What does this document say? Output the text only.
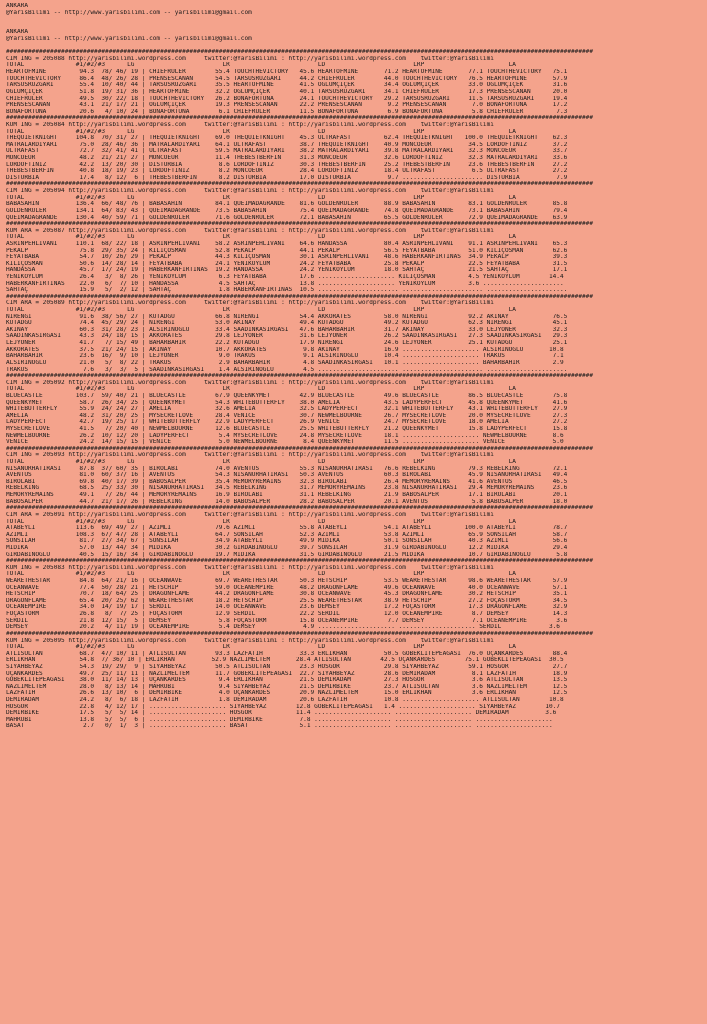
ANKARA
@YarisBilimi -- http://www.yarisbilimi.com -- yarisbilimi@gmail.com

ANKARA
@YarisBilimi -- http://www.yarisbilimi.com -- yarisbilimi@gmail.com

################################################################################################################################################################
CIM ING = 205088 http://yarisbilimi.wordpress.com     twitter:@YarisBilimi : http://yarisbilimi.wordpress.com    twitter:@YarisBilimi
TOTAL              #1/#2/#3      LG                        LR                        LD                        LRP                       LA
HEARTOFMINE         94.3  78/ 46/ 19 | CHIEFRULER        55.4 TOUCHTHEVICTORY   45.6 HEARTOFMINE       71.2 HEARTOFMINE       77.1 TOUCHTHEVICTORY   75.1
TOUCHTHEVICTORY     86.4  48/ 26/ 28 | PRENSESCANAN      54.5 TARSUSRÜZGARI     44.2 CHIEFRULER        44.0 TOUCHTHEVICTORY   76.5 HEARTOFMINE       57.9
TARSUSRÜZGARI       55.4  10/ 40/ 44 | TARSUSRÜZGARI     35.5 HEARTOFMINE       41.5 OGLUMÇIÇEK        34.4 OGLUMÇIÇEK        33.0 OGLUMÇIÇEK        31.6
OGLUMÇIÇEK          51.8  19/ 31/ 36 | HEARTOFMINE       32.2 OGLUMÇIÇEK        40.1 TARSUSRÜZGARI     34.1 CHIEFRULER        17.3 PRENSESCANAN      20.0
CHIEFRULER          49.5  30/ 22/ 18 | TOUCHTHEVICTORY   26.2 BONAFORTUNA       24.1 TOUCHTHEVICTORY   29.2 TARSUSRÜZGARI     11.5 TARSUSRÜZGARI     19.4
PRENSESCANAN        43.1  21/ 17/ 21 | OGLUMÇIÇEK        19.3 PRENSESCANAN      22.2 PRENSESCANAN       9.2 PRENSESCANAN       7.0 BONAFORTUNA       17.2
BONAFORTUNA         20.6   4/ 10/ 24 | BONAFORTUNA        6.1 CHIEFRULER        11.5 BONAFORTUNA        6.9 BONAFORTUNA        5.8 CHIEFRULER         7.3
################################################################################################################################################################
KUM ING = 205084 http://yarisbilimi.wordpress.com     twitter:@YarisBilimi : http://yarisbilimi.wordpress.com    twitter:@YarisBilimi
TOTAL              #1/#2/#3      LG                        LR                        LD                        LRP                       LA
THEQUIETKNIGHT     104.8  70/ 31/ 27 | THEQUIETKNIGHT    69.0 THEQUIETKNIGHT    45.3 ULTRAFAST         62.4 THEQUIETKNIGHT   100.0 THEQUIETKNIGHT    62.3
MATRALARDIYARI      75.0  28/ 46/ 36 | MATRALARDIYARI    64.1 ULTRAFAST         38.7 THEQUIETKNIGHT    40.9 MONCOEUR          34.5 LORDOFTINIZ       37.2
ULTRAFAST           72.7  32/ 41/ 41 | ULTRAFAST         59.5 MATRALARDIYARI    38.2 MATRALARDIYARI    39.8 MATRALARDIYARI    32.3 MONCOEUR          33.7
MONCOEUR            48.2  21/ 21/ 27 | MONCOEUR          11.4 THEBESTBERFIN     31.3 MONCOEUR          32.6 LORDOFTINIZ       32.3 MATRALARDIYARI    33.6
LORDOFTINIZ         42.2  13/ 20/ 30 | DISTURBIA          8.6 LORDOFTINIZ       30.3 THEBESTBERFIN     25.2 THEBESTBERFIN     23.6 THEBESTBERFIN     27.2
THEBESTBERFIN       40.8  18/ 19/ 23 | LORDOFTINIZ        8.2 MONCOEUR          28.4 LORDOFTINIZ       18.4 ULTRAFAST          6.5 ULTRAFAST         27.2
DISTURBIA           17.4   8/ 12/  6 | THEBESTBERFIN      8.2 DISTURBIA         17.0 DISTURBIA          9.7 ...................... DISTURBIA          7.9
################################################################################################################################################################
CIM ING = 205094 http://yarisbilimi.wordpress.com     twitter:@YarisBilimi : http://yarisbilimi.wordpress.com    twitter:@YarisBilimi
TOTAL              #1/#2/#3      LG                        LR                        LD                        LRP                       LA
BABASAHIN          136.4  66/ 48/ 76 | BABASAHIN         84.1 QUEIMADAGRANDE    81.6 GOLDENRULER       88.9 BABASAHIN         83.1 GOLDENRULER       85.8
GOLDENRULER        134.1  64/ 83/ 43 | QUEIMADAGRANDE    73.5 BABASAHIN         75.4 QUEIMADAGRANDE    74.8 QUEIMADAGRANDE    73.1 BABASAHIN         79.4
QUEIMADAGRANDE     130.4  40/ 59/ 71 | GOLDENRULER       71.6 GOLDENRULER       72.1 BABASAHIN         65.5 GOLDENRULER       72.9 QUEIMADAGRANDE    63.9
################################################################################################################################################################
KUM ARA = 205087 http://yarisbilimi.wordpress.com     twitter:@YarisBilimi : http://yarisbilimi.wordpress.com    twitter:@YarisBilimi
TOTAL              #1/#2/#3      LG                        LR                        LD                        LRP                       LA
ASRINPEHLIVANI     110.1  68/ 22/ 18 | ASRINPEHLIVANI    58.2 ASRINPEHLIVANI    64.6 HANDASSA          80.4 ASRINPEHLIVANI    91.1 ASRINPEHLIVANI    65.3
PEKALP              75.8  29/ 35/ 24 | KILIÇOSMAN        52.8 PEKALP            44.1 PEKALP            56.5 FEYATBABA         51.0 KILIÇOSMAN        62.6
FEYATBABA           54.7  10/ 26/ 29 | PEKALP            44.3 KILIÇOSMAN        30.1 ASRINPEHLIVANI    48.6 HABERKANFIRTINAS  34.9 PEKALP            39.3
KILIÇOSMAN          50.6  14/ 28/ 14 | FEYATBABA         24.1 YENIKÖYLÜM        24.2 FEYATBABA         25.8 PEKALP            22.5 FEYATBABA         31.5
HANDASSA            45.7  17/ 24/ 19 | HABERKANFIRTINAS  19.2 HANDASSA          24.2 YENIKÖYLÜM        18.0 SAHTAÇ            21.5 SAHTAÇ            17.1
YENIKÖYLÜM          26.4   3/  8/ 26 | YENIKÖYLÜM         6.3 FEYATBABA         17.6 ..................... KILIÇOSMAN         4.5 YENIKÖYLÜM        14.4
HABERKANFIRTINAS    22.0   6/  7/ 10 | HANDASSA           4.5 SAHTAÇ            13.8 ..................... YENIKÖYLÜM         3.6 ......................
SAHTAÇ              15.9   5/  2/ 12 | SAHTAÇ             1.8 HABERKANFIRTINAS  10.5 ...................... ...................... ......................
################################################################################################################################################################
CIM ARA = 205089 http://yarisbilimi.wordpress.com     twitter:@YarisBilimi : http://yarisbilimi.wordpress.com    twitter:@YarisBilimi
TOTAL              #1/#2/#3      LG                        LR                        LD                        LRP                       LA
NIRENGI             91.6  38/ 56/ 27 | KUTADGU           66.8 NIRENGI           54.4 AKKORATES         58.0 NIRENGI           92.2 AKINAY            76.5
KUTADGU             74.4  45/ 29/ 24 | NIRENGI           53.0 AKINAY            49.4 KUTADGU           49.2 KUTADGU           62.3 NIRENGI           45.1
AKINAY              60.3  31/ 28/ 23 | ALSIRINOGLU       33.4 SAADINKASIRGASI   47.6 BAHARBAHIR        31.7 AKINAY            33.0 LEJYONER          32.3
SAADINKASIRGASI     43.3  24/ 18/ 15 | AKKORATES         29.8 LEJYONER          31.6 LEJYONER          26.2 SAADINKASIRGASI   27.3 SAADINKASIRGASI   29.3
LEJYONER            41.7   7/ 15/ 49 | BAHARBAHIR        22.2 KUTADGU           17.9 NIRENGI           24.6 LEJYONER          25.1 KUTADGU           25.1
AKKORATES           37.5  21/ 24/ 15 | AKINAY            10.7 AKKORATES          9.8 AKINAY            16.9 ..................... ALSIRINOGLU       10.8
BAHARBAHIR          23.6  16/  9/ 10 | LEJYONER           9.0 TRAKUS             9.1 ALSIRINOGLU       10.4 ..................... TRAKUS             7.1
ALSIRINOGLU         21.0   5/  8/ 22 | TRAKUS             2.9 BAHARBAHIR         4.8 SAADINKASIRGASI   10.1 ..................... BAHARBAHIR         2.9
TRAKUS               7.6   3/  3/  5 | SAADINKASIRGASI    1.4 ALSIRINOGLU        4.5 ...................... ...................... ......................
################################################################################################################################################################
CIM ING = 205092 http://yarisbilimi.wordpress.com     twitter:@YarisBilimi : http://yarisbilimi.wordpress.com    twitter:@YarisBilimi
TOTAL              #1/#2/#3      LG                        LR                        LD                        LRP                       LA
BLUECASTLE         103.7  59/ 40/ 21 | BLUECASTLE        67.9 QUEENKYMET        42.9 BLUECASTLE        49.6 BLUECASTLE        86.5 BLUECASTLE        75.8
QUEENKYMET          58.7  26/ 34/ 25 | QUEENKYMET        54.3 WHITEBUTTERFLY    38.0 AMELIA            43.5 LADYPERFECT       45.8 QUEENKYMET        41.6
WHITEBUTTERFLY      55.9  24/ 24/ 27 | AMELIA            32.6 AMELIA            32.5 LADYPERFECT       32.1 WHITEBUTTERFLY    43.1 WHITEBUTTERFLY    27.9
AMELIA              48.2  31/ 20/ 25 | MYSECRETLOVE      28.4 VENICE            30.7 NEWMELBOURNE      26.7 MYSECRETLOVE      20.0 MYSECRETLOVE      27.3
LADYPERFECT         42.7  19/ 25/ 17 | WHITEBUTTERFLY    22.9 LADYPERFECT       26.9 VENICE            24.7 MYSECRETLOVE      18.0 AMELIA            27.2
MYSECRETLOVE        41.5   7/ 20/ 40 | NEWMELBOURNE      12.6 BLUECASTLE        25.5 WHITEBUTTERFLY    21.2 QUEENKYMET        15.8 LADYPERFECT       15.8
NEWMELBOURNE        26.2  10/ 12/ 20 | LADYPERFECT        5.4 MYSECRETLOVE      24.8 MYSECRETLOVE      18.1 ..................... NEWMELBOURNE       8.6
VENICE              24.2  14/ 15/ 15 | VENICE             5.0 NEWMELBOURNE       8.4 QUEENKYMET        11.5 ..................... VENICE             5.0
################################################################################################################################################################
CIM ING = 205093 http://yarisbilimi.wordpress.com     twitter:@YarisBilimi : http://yarisbilimi.wordpress.com    twitter:@YarisBilimi
TOTAL              #1/#2/#3      LG                        LR                        LD                        LRP                       LA
NISANURHATIRASI     87.8  37/ 60/ 35 | BIROLABI          74.0 AVENTUS           55.3 NISANURHATIRASI   76.6 REBELKING         79.3 REBELKING         72.1
AVENTUS             81.0  60/ 37/ 16 | AVENTUS           54.3 NISANURHATIRASI   50.3 AVENTUS           60.3 BIROLABI          45.9 NISANURHATIRASI   49.4
BIROLABI            69.8  40/ 17/ 39 | BABOSALPER        35.4 MEMORYREMAINS     32.3 BIROLABI          26.4 MEMORYREMAINS     41.6 AVENTUS           46.5
REBELKING           68.5  25/ 33/ 30 | NISANURHATIRASI   34.5 REBELKING         31.7 MEMORYREMAINS     23.8 NISANURHATIRASI   29.4 MEMORYREMAINS     23.6
MEMORYREMAINS       49.1   7/ 26/ 44 | MEMORYREMAINS     16.9 BIROLABI          31.1 REBELKING         21.9 BABOSALPER        17.1 BIROLABI          20.1
BABOSALPER          44.7  21/ 17/ 26 | REBELKING         14.0 BABOSALPER        28.2 BABOSALPER        20.1 AVENTUS            5.8 BABOSALPER        18.0
################################################################################################################################################################
CIM ARA = 205091 http://yarisbilimi.wordpress.com     twitter:@YarisBilimi : http://yarisbilimi.wordpress.com    twitter:@YarisBilimi
TOTAL              #1/#2/#3      LG                        LR                        LD                        LRP                       LA
ATABEYLI           113.6  69/ 49/ 27 | AZIMLI            79.6 AZIMLI            55.8 ATABEYLI          54.1 ATABEYLI         100.0 ATABEYLI          78.7
AZIMLI             108.3  67/ 47/ 28 | ATABEYLI          64.7 SONSILAH          52.3 AZIMLI            53.8 AZIMLI            65.9 SONSILAH          58.7
SONSILAH            81.7  27/ 34/ 67 | SONSILAH          34.9 ATABEYLI          49.9 MIDIKA            50.1 SONSILAH          40.3 AZIMLI            56.6
MIDIKA              57.0  13/ 44/ 34 | MIDIKA            30.2 GIRDABINOGLU      39.7 SONSILAH          31.9 GIRDABINOGLU      12.2 MIDIKA            29.4
GIRDABINOGLU        40.5  15/ 16/ 34 | GIRDABINOGLU      19.7 MIDIKA            31.5 GIRDABINOGLU      21.5 MIDIKA            10.7 GIRDABINOGLU       5.8
################################################################################################################################################################
KUM ING = 205083 http://yarisbilimi.wordpress.com     twitter:@YarisBilimi : http://yarisbilimi.wordpress.com    twitter:@YarisBilimi
TOTAL              #1/#2/#3      LG                        LR                        LD                        LRP                       LA
WEARETHESTAR        84.8  64/ 21/ 16 | OCEANWAVE         69.7 WEARETHESTAR      50.3 HETSCHIP          53.5 WEARETHESTAR      98.6 WEARETHESTAR      57.9
OCEANWAVE           77.4  50/ 28/ 21 | HETSCHIP          59.0 OCEANEMPIRE       48.2 DRAGONFLAME       49.6 OCEANWAVE         40.0 OCEANWAVE         57.1
HETSCHIP            70.7  18/ 64/ 25 | DRAGONFLAME       44.2 DRAGONFLAME       30.8 OCEANWAVE         45.3 DRAGONFLAME       30.2 HETSCHIP          35.1
DRAGONFLAME         65.4  20/ 25/ 62 | WEARETHESTAR      18.2 HETSCHIP          25.5 WEARETHESTAR      38.9 HETSCHIP          27.2 FOÇASTORM         34.5
OCEANEMPIRE         34.0  14/ 19/ 17 | SERDIL            14.0 OCEANWAVE         23.6 DEMSEY            17.2 FOÇASTORM         17.3 DRAGONFLAME       32.9
FOÇASTORM           26.8   8/  7/ 25 | FOÇASTORM         12.9 SERDIL            22.2 SERDIL            12.0 OCEANEMPIRE        8.7 DEMSEY            14.3
SERDIL              21.8  12/ 15/  5 | DEMSEY             5.8 FOÇASTORM         15.8 OCEANEMPIRE        7.7 DEMSEY             7.1 OCEANEMPIRE        3.6
DEMSEY              20.2   4/ 11/ 19 | OCEANEMPIRE        5.4 DEMSEY             4.9 ..................... ..................... SERDIL             3.6
################################################################################################################################################################
KUM ING = 205095 http://yarisbilimi.wordpress.com     twitter:@YarisBilimi : http://yarisbilimi.wordpress.com    twitter:@YarisBilimi
TOTAL              #1/#2/#3      LG                        LR                        LD                        LRP                       LA
ATLISULTAN          68.7  47/ 10/ 11 | ATLISULTAN        93.3 LAZFATIH          33.3 ERLIKHAN          50.5 GÖBEKLITEPEAGASI  76.0 UÇANKARDES        88.4
ERLIKHAN            54.8  7/ 36/ 10 | ERLIKHAN          52.9 NAZLIMELTEM       28.4 ATLISULTAN        42.5 UÇANKARDES        75.1 GÖBEKLITEPEAGASI  30.5
SIYAHBEYAZ          54.3  19/ 29/  9 | SIYAHBEYAZ        50.5 ATLISULTAN        23.3 HOSGÖR            29.8 SIYAHBEYAZ        59.1 HOSGÖR            27.7
UÇANKARDES          49.7  25/ 11/ 11 | NAZLIMELTEM       11.7 GÖBEKLITEPEAGASI  22.7 SIYAHBEYAZ        28.6 DEMIRADAM          8.1 LAZFATIH          18.9
GÖBEKLITEPEAGASI    38.0  11/ 14/ 13 | UÇANKARDES         9.4 ERLIKHAN          21.5 DEMIRADAM         27.3 HOSGÖR             3.6 ATLISULTAN        13.5
NAZLIMELTEM         28.0   8/ 13/ 14 | MAHRUBI            9.4 SIYAHBEYAZ        21.5 DEMIRBIKE         23.7 ATLISULTAN         3.6 NAZLIMELTEM       12.5
LAZFATIH            26.6  13/ 10/  6 | DEMIRBIKE          4.0 UÇANKARDES        20.9 NAZLIMELTEM       15.0 ERLIKHAN           3.6 ERLIKHAN          12.5
DEMIRADAM           24.2   8/  6/ 18 | LAZFATIH           1.8 DEMIRADAM         20.6 LAZFATIH          10.8 ..................... ATLISULTAN        10.8
HOSGÖR              22.8   4/ 12/ 17 | ..................... SIYAHBEYAZ        12.8 GÖBEKLITEPEAGASI   1.4 ..................... SIYAHBEYAZ        10.7
DEMIRBIKE           17.5   5/  5/ 14 | ..................... HOSGÖR            11.4 ..................... ..................... DEMIRADAM          3.6
MAHRUBI             13.8   5/  5/  6 | ..................... DEMIRBIKE          7.8 ..................... ..................... .....................
BASAT                2.7   0/  1/  3 | ..................... BASAT              5.1 ..................... ..................... .....................
